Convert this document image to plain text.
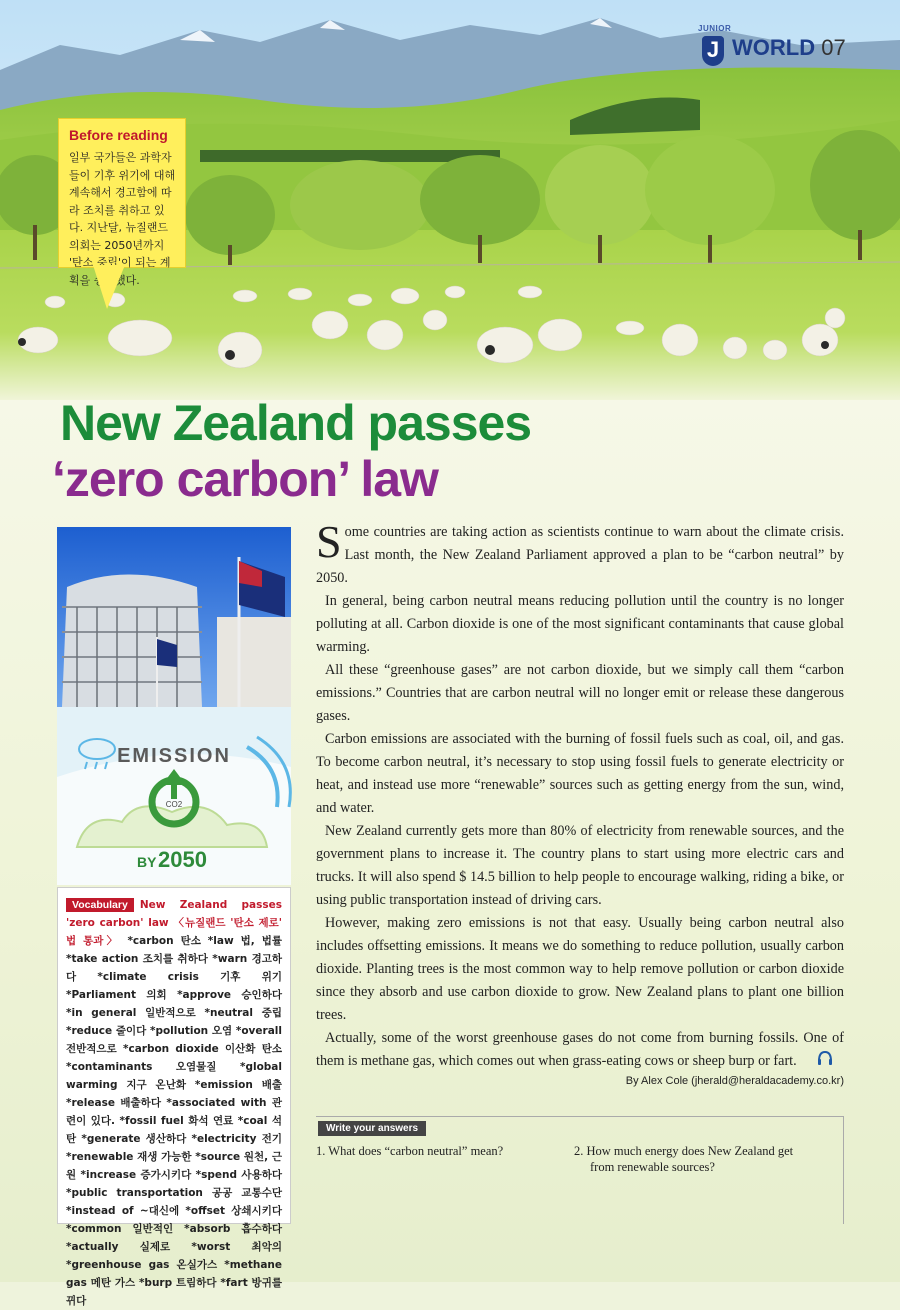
JUNIOR
J WORLD 07
Before reading

일부 국가들은 과학자들이 기후 위기에 대해 계속해서 경고함에 따라 조치를 취하고 있다. 지난달, 뉴질랜드 의회는 2050년까지 '탄소 중립'이 되는 계획을 승인했다.

New Zealand passes
‘zero carbon’ law
EMISSION
CO2
BY 2050

Vocabulary New Zealand passes 'zero carbon' law 〈뉴질랜드 '탄소 제로' 법 통과〉 *carbon 탄소 *law 법, 법률 *take action 조치를 취하다 *warn 경고하다 *climate crisis 기후 위기 *Parliament 의회 *approve 승인하다 *in general 일반적으로 *neutral 중립 *reduce 줄이다 *pollution 오염 *overall 전반적으로 *carbon dioxide 이산화 탄소 *contaminants 오염물질 *global warming 지구 온난화 *emission 배출 *release 배출하다 *associated with 관련이 있다. *fossil fuel 화석 연료 *coal 석탄 *generate 생산하다 *electricity 전기 *renewable 재생 가능한 *source 원천, 근원 *increase 증가시키다 *spend 사용하다 *public transportation 공공 교통수단 *instead of ~대신에 *offset 상쇄시키다 *common 일반적인 *absorb 흡수하다 *actually 실제로 *worst 최악의 *greenhouse gas 온실가스 *methane gas 메탄 가스 *burp 트림하다 *fart 방귀를 뀌다

Some countries are taking action as scientists continue to warn about the climate crisis. Last month, the New Zealand Parliament approved a plan to be “carbon neutral” by 2050.

In general, being carbon neutral means reducing pollution until the country is no longer polluting at all. Carbon dioxide is one of the most significant contaminants that cause global warming.

All these “greenhouse gases” are not carbon dioxide, but we simply call them “carbon emissions.” Countries that are carbon neutral will no longer emit or release these dangerous gases.

Carbon emissions are associated with the burning of fossil fuels such as coal, oil, and gas. To become carbon neutral, it’s necessary to stop using fossil fuels to generate electricity or heat, and instead use more “renewable” sources such as getting energy from the sun, wind, and water.

New Zealand currently gets more than 80% of electricity from renewable sources, and the government plans to increase it. The country plans to start using more electric cars and trucks. It will also spend $ 14.5 billion to help people to encourage walking, riding a bike, or using public transportation instead of driving cars.

However, making zero emissions is not that easy. Usually being carbon neutral also includes offsetting emissions. It means we do something to reduce pollution, usually carbon dioxide. Planting trees is the most common way to help remove pollution or carbon dioxide since they absorb and use carbon dioxide to grow. New Zealand plans to plant one billion trees.

Actually, some of the worst greenhouse gases do not come from burning fossils. One of them is methane gas, which comes out when grass-eating cows or sheep burp or fart.

By Alex Cole (jherald@heraldacademy.co.kr)
Write your answers
1. What does “carbon neutral” mean?	2. How much energy does New Zealand get from renewable sources?
